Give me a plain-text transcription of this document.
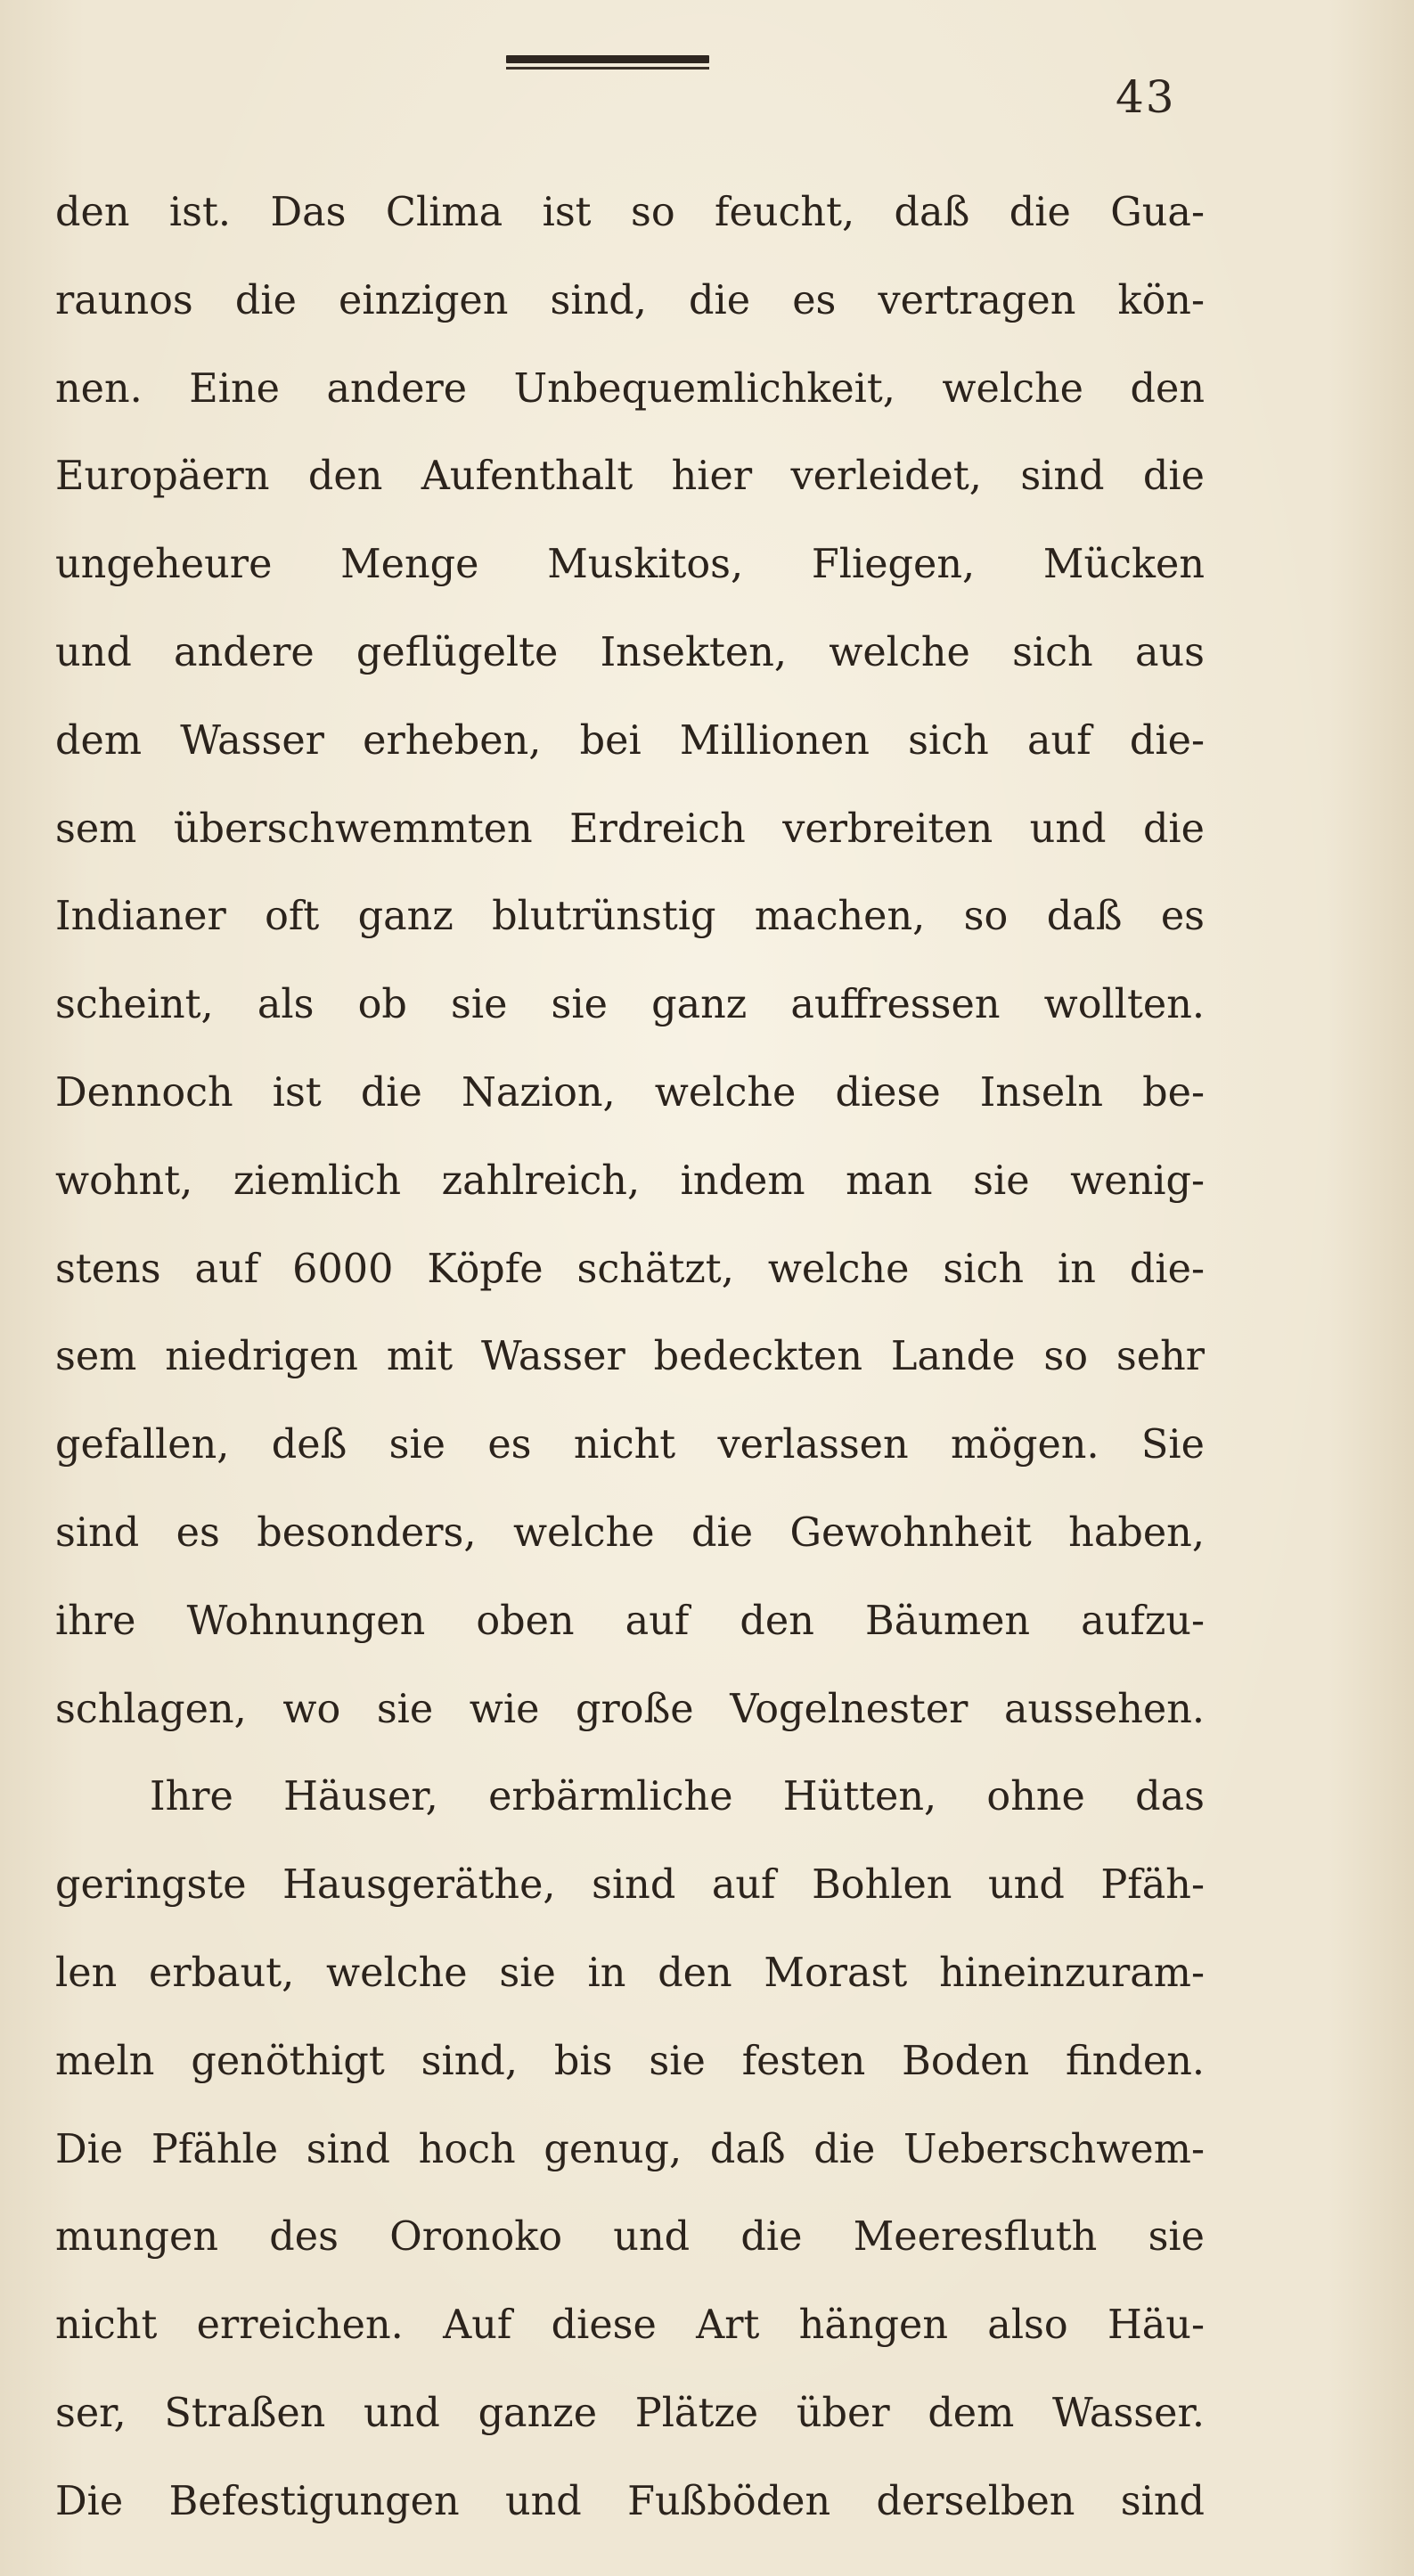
43
den ist. Das Clima ist so feucht, daß die Gua-
raunos die einzigen sind, die es vertragen kön-
nen. Eine andere Unbequemlichkeit, welche den
Europäern den Aufenthalt hier verleidet, sind die
ungeheure Menge Muskitos, Fliegen, Mücken
und andere geflügelte Insekten, welche sich aus
dem Wasser erheben, bei Millionen sich auf die-
sem überschwemmten Erdreich verbreiten und die
Indianer oft ganz blutrünstig machen, so daß es
scheint, als ob sie sie ganz auffressen wollten.
Dennoch ist die Nazion, welche diese Inseln be-
wohnt, ziemlich zahlreich, indem man sie wenig-
stens auf 6000 Köpfe schätzt, welche sich in die-
sem niedrigen mit Wasser bedeckten Lande so sehr
gefallen, deß sie es nicht verlassen mögen. Sie
sind es besonders, welche die Gewohnheit haben,
ihre Wohnungen oben auf den Bäumen aufzu-
schlagen, wo sie wie große Vogelnester aussehen.
Ihre Häuser, erbärmliche Hütten, ohne das
geringste Hausgeräthe, sind auf Bohlen und Pfäh-
len erbaut, welche sie in den Morast hineinzuram-
meln genöthigt sind, bis sie festen Boden finden.
Die Pfähle sind hoch genug, daß die Ueberschwem-
mungen des Oronoko und die Meeresfluth sie
nicht erreichen. Auf diese Art hängen also Häu-
ser, Straßen und ganze Plätze über dem Wasser.
Die Befestigungen und Fußböden derselben sind
